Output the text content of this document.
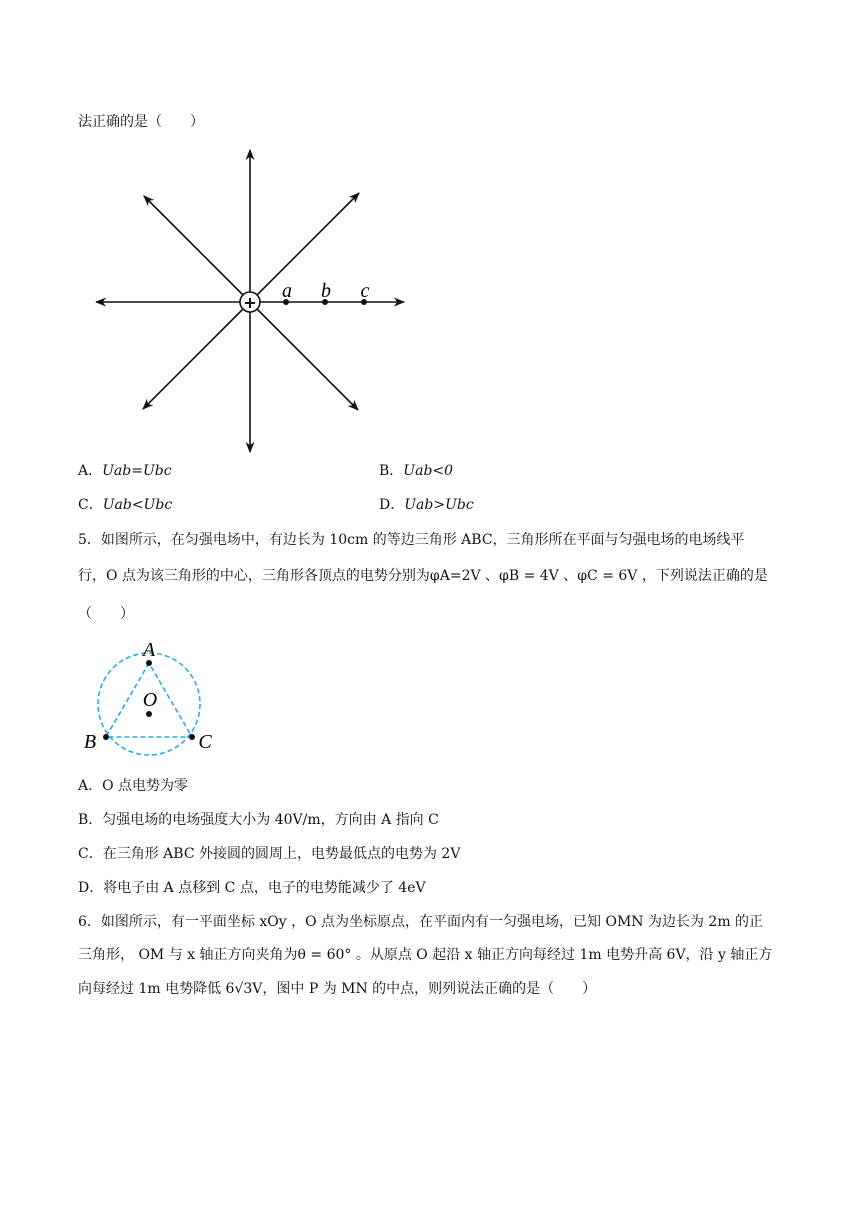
法正确的是（　　）
+
a b c
A．Uab=Ubc	B．Uab<0
C．Uab<Ubc	D．Uab>Ubc
5．如图所示，在匀强电场中，有边长为 10cm 的等边三角形 ABC，三角形所在平面与匀强电场的电场线平
行，O 点为该三角形的中心，三角形各顶点的电势分别为φA=2V 、φB = 4V 、φC = 6V ，下列说法正确的是
（　　）
A
O
B	C
A．O 点电势为零
B．匀强电场的电场强度大小为 40V/m，方向由 A 指向 C
C．在三角形 ABC 外接圆的圆周上，电势最低点的电势为 2V
D．将电子由 A 点移到 C 点，电子的电势能减少了 4eV
6．如图所示，有一平面坐标 xOy ，O 点为坐标原点，在平面内有一匀强电场，已知 OMN 为边长为 2m 的正
三角形， OM 与 x 轴正方向夹角为θ = 60° 。从原点 O 起沿 x 轴正方向每经过 1m 电势升高 6V，沿 y 轴正方
向每经过 1m 电势降低 6√3V，图中 P 为 MN 的中点，则列说法正确的是（　　）
